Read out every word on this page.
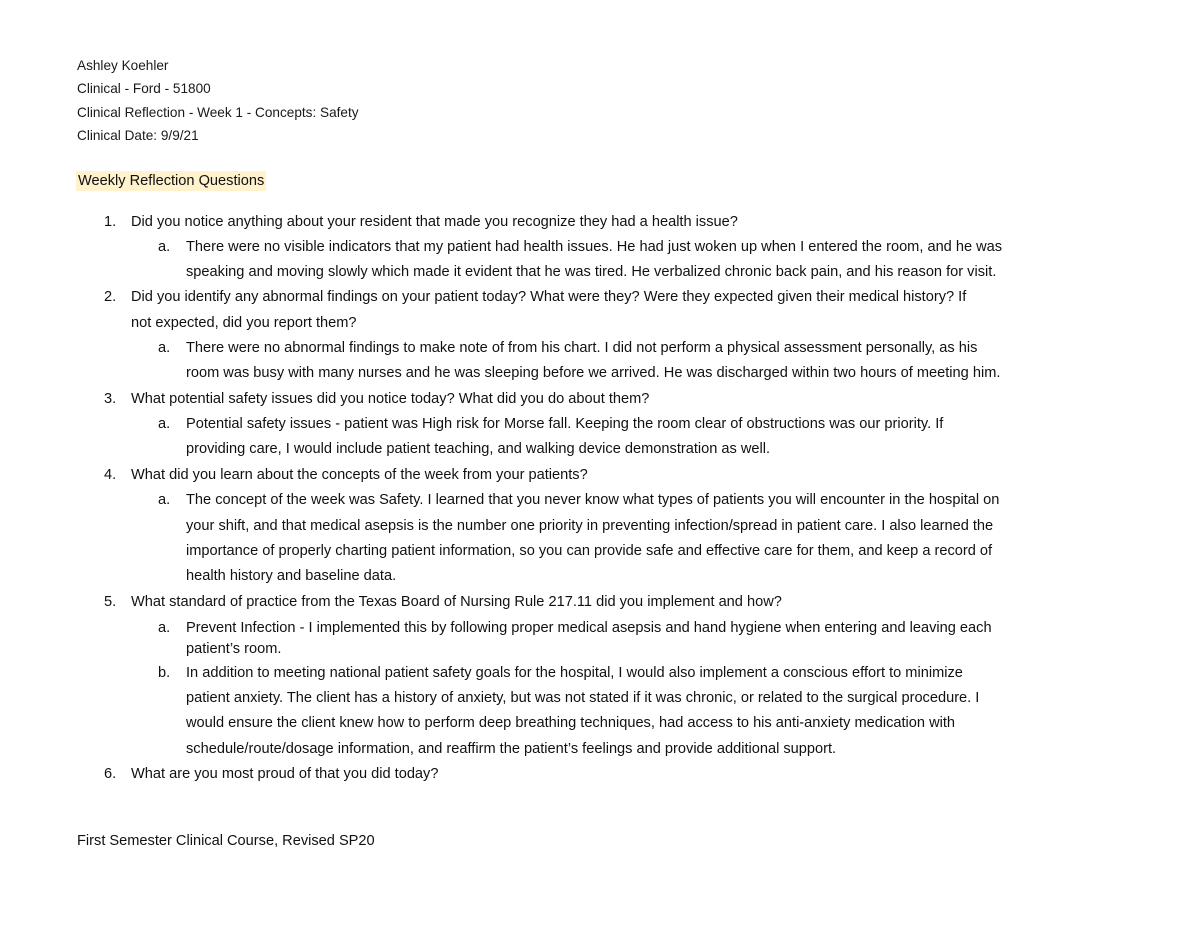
Ashley Koehler
Clinical - Ford - 51800
Clinical Reflection - Week 1 - Concepts: Safety
Clinical Date: 9/9/21
Weekly Reflection Questions
1. Did you notice anything about your resident that made you recognize they had a health issue?
a. There were no visible indicators that my patient had health issues. He had just woken up when I entered the room, and he was
speaking and moving slowly which made it evident that he was tired. He verbalized chronic back pain, and his reason for visit.
2. Did you identify any abnormal findings on your patient today? What were they? Were they expected given their medical history? If
not expected, did you report them?
a. There were no abnormal findings to make note of from his chart. I did not perform a physical assessment personally, as his
room was busy with many nurses and he was sleeping before we arrived. He was discharged within two hours of meeting him.
3. What potential safety issues did you notice today? What did you do about them?
a. Potential safety issues - patient was High risk for Morse fall. Keeping the room clear of obstructions was our priority. If
providing care, I would include patient teaching, and walking device demonstration as well.
4. What did you learn about the concepts of the week from your patients?
a. The concept of the week was Safety. I learned that you never know what types of patients you will encounter in the hospital on
your shift, and that medical asepsis is the number one priority in preventing infection/spread in patient care. I also learned the
importance of properly charting patient information, so you can provide safe and effective care for them, and keep a record of
health history and baseline data.
5. What standard of practice from the Texas Board of Nursing Rule 217.11 did you implement and how?
a. Prevent Infection - I implemented this by following proper medical asepsis and hand hygiene when entering and leaving each
patient’s room.
b. In addition to meeting national patient safety goals for the hospital, I would also implement a conscious effort to minimize
patient anxiety. The client has a history of anxiety, but was not stated if it was chronic, or related to the surgical procedure. I
would ensure the client knew how to perform deep breathing techniques, had access to his anti-anxiety medication with
schedule/route/dosage information, and reaffirm the patient’s feelings and provide additional support.
6. What are you most proud of that you did today?
First Semester Clinical Course, Revised SP20
